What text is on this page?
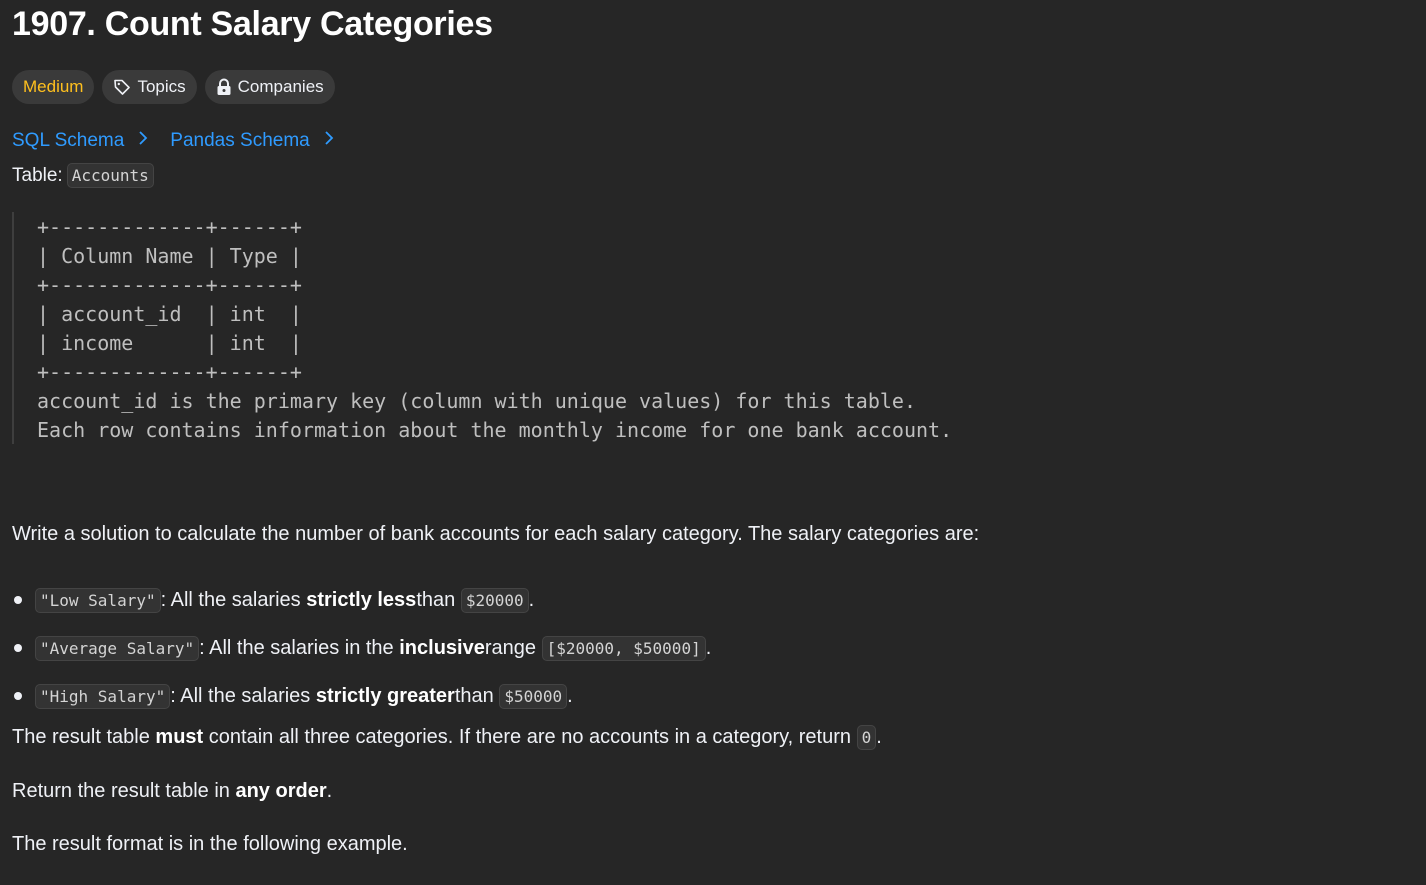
1907. Count Salary Categories
Medium	Topics	Companies
SQL Schema Pandas Schema
Table: Accounts
+-------------+------+
| Column Name | Type |
+-------------+------+
| account_id  | int  |
| income      | int  |
+-------------+------+
account_id is the primary key (column with unique values) for this table.
Each row contains information about the monthly income for one bank account.
Write a solution to calculate the number of bank accounts for each salary category. The salary categories are:
"Low Salary" : All the salaries
strictly less than
$20000 .
"Average Salary" : All the salaries in the
inclusive range
[$20000, $50000] .
"High Salary" : All the salaries
strictly greater than
$50000 .
The result table must contain all three categories. If there are no accounts in a category, return 0 .
Return the result table in any order.
The result format is in the following example.
